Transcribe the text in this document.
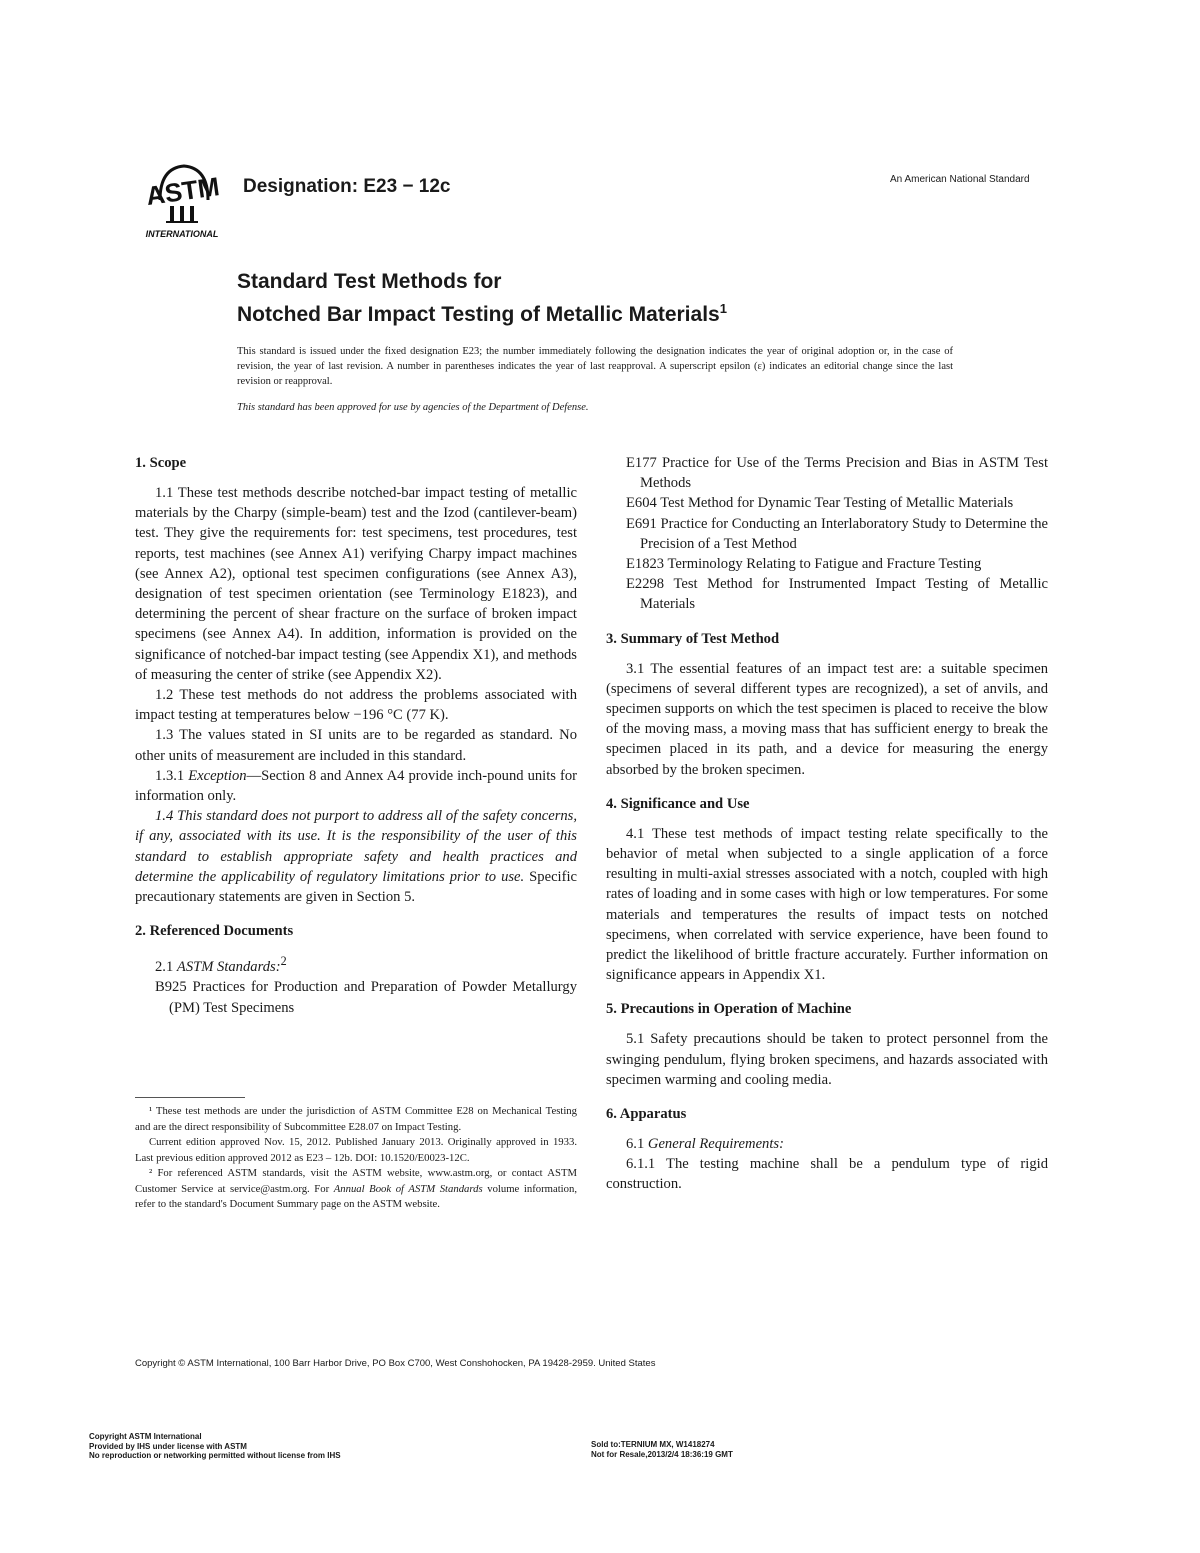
ASTM
INTERNATIONAL
Designation: E23 − 12c	An American National Standard
Standard Test Methods for
Notched Bar Impact Testing of Metallic Materials$^1$
This standard is issued under the fixed designation E23; the number immediately following the designation indicates the year of original adoption or, in the case of revision, the year of last revision. A number in parentheses indicates the year of last reapproval. A superscript epsilon (ε) indicates an editorial change since the last revision or reapproval.
This standard has been approved for use by agencies of the Department of Defense.
1. Scope

1.1 These test methods describe notched-bar impact testing of metallic materials by the Charpy (simple-beam) test and the Izod (cantilever-beam) test. They give the requirements for: test specimens, test procedures, test reports, test machines (see Annex A1) verifying Charpy impact machines (see Annex A2), optional test specimen configurations (see Annex A3), designation of test specimen orientation (see Terminology E1823), and determining the percent of shear fracture on the surface of broken impact specimens (see Annex A4). In addition, information is provided on the significance of notched-bar impact testing (see Appendix X1), and methods of measuring the center of strike (see Appendix X2).

1.2 These test methods do not address the problems associated with impact testing at temperatures below −196 °C (77 K).

1.3 The values stated in SI units are to be regarded as standard. No other units of measurement are included in this standard.

1.3.1 Exception—Section 8 and Annex A4 provide inch-pound units for information only.

1.4 This standard does not purport to address all of the safety concerns, if any, associated with its use. It is the responsibility of the user of this standard to establish appropriate safety and health practices and determine the applicability of regulatory limitations prior to use. Specific precautionary statements are given in Section 5.

2. Referenced Documents

2.1 ASTM Standards:$^2$

B925 Practices for Production and Preparation of Powder Metallurgy (PM) Test Specimens

¹ These test methods are under the jurisdiction of ASTM Committee E28 on Mechanical Testing and are the direct responsibility of Subcommittee E28.07 on Impact Testing.

Current edition approved Nov. 15, 2012. Published January 2013. Originally approved in 1933. Last previous edition approved 2012 as E23 – 12b. DOI: 10.1520/E0023-12C.

² For referenced ASTM standards, visit the ASTM website, www.astm.org, or contact ASTM Customer Service at service@astm.org. For Annual Book of ASTM Standards volume information, refer to the standard's Document Summary page on the ASTM website.

E177 Practice for Use of the Terms Precision and Bias in ASTM Test Methods

E604 Test Method for Dynamic Tear Testing of Metallic Materials

E691 Practice for Conducting an Interlaboratory Study to Determine the Precision of a Test Method

E1823 Terminology Relating to Fatigue and Fracture Testing

E2298 Test Method for Instrumented Impact Testing of Metallic Materials

3. Summary of Test Method

3.1 The essential features of an impact test are: a suitable specimen (specimens of several different types are recognized), a set of anvils, and specimen supports on which the test specimen is placed to receive the blow of the moving mass, a moving mass that has sufficient energy to break the specimen placed in its path, and a device for measuring the energy absorbed by the broken specimen.

4. Significance and Use

4.1 These test methods of impact testing relate specifically to the behavior of metal when subjected to a single application of a force resulting in multi-axial stresses associated with a notch, coupled with high rates of loading and in some cases with high or low temperatures. For some materials and temperatures the results of impact tests on notched specimens, when correlated with service experience, have been found to predict the likelihood of brittle fracture accurately. Further information on significance appears in Appendix X1.

5. Precautions in Operation of Machine

5.1 Safety precautions should be taken to protect personnel from the swinging pendulum, flying broken specimens, and hazards associated with specimen warming and cooling media.

6. Apparatus

6.1 General Requirements:

6.1.1 The testing machine shall be a pendulum type of rigid construction.

Copyright © ASTM International, 100 Barr Harbor Drive, PO Box C700, West Conshohocken, PA 19428-2959. United States
Copyright ASTM International
Provided by IHS under license with ASTM
No reproduction or networking permitted without license from IHS
Sold to:TERNIUM MX, W1418274
Not for Resale,2013/2/4 18:36:19 GMT
